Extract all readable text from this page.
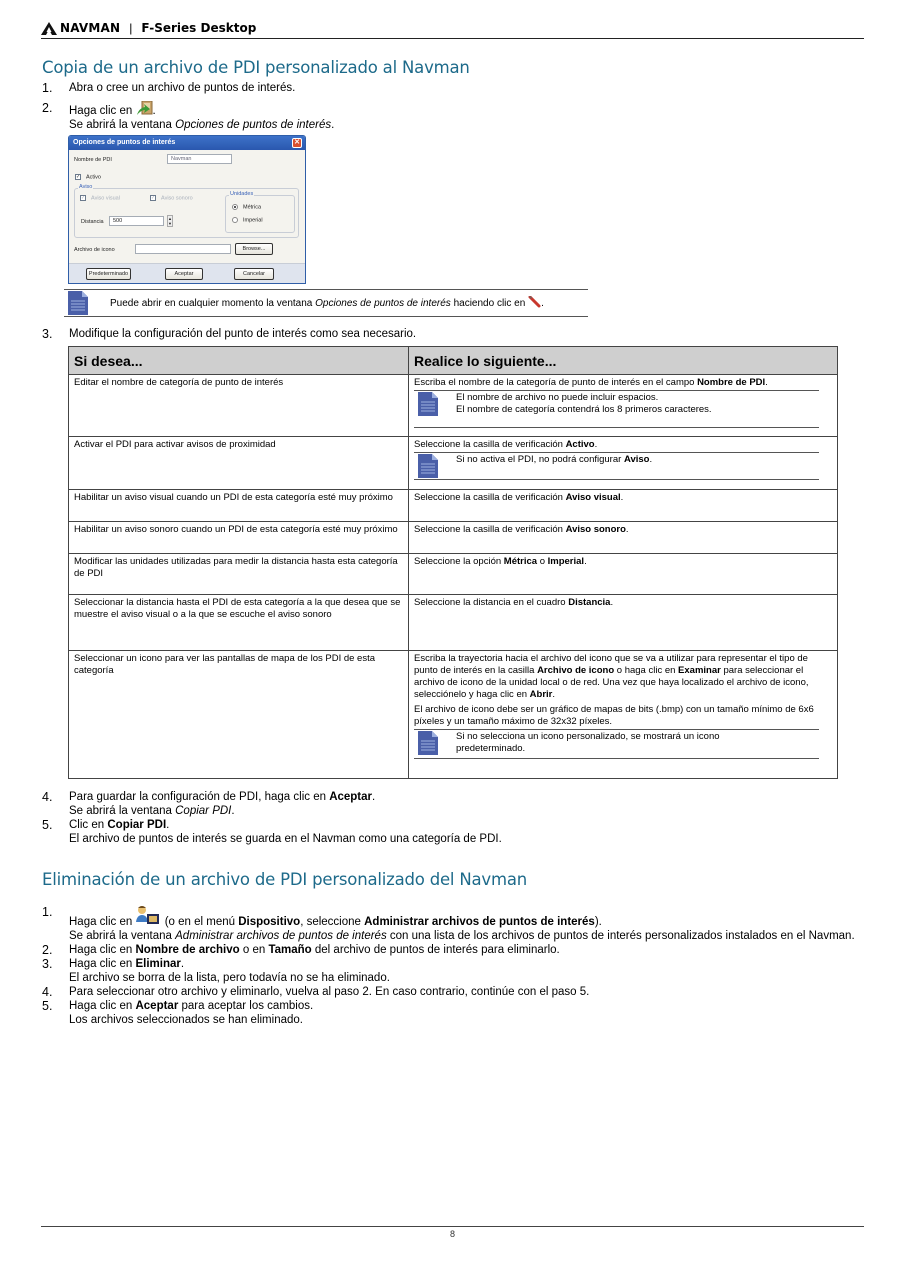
NAVMAN | F-Series Desktop
Copia de un archivo de PDI personalizado al Navman
1.	Abra o cree un archivo de puntos de interés.
2.	Haga clic en .

Se abrirá la ventana Opciones de puntos de interés.

Opciones de puntos de interés	✕
Nombre de PDI	Navman
✓ Activo
Aviso
✓ Aviso visual	✓ Aviso sonoro
Distancia	500	▲
▼
Unidades
Métrica
Imperial
Archivo de icono	Browse...
Predeterminado	Aceptar	Cancelar
Puede abrir en cualquier momento la ventana Opciones de puntos de interés haciendo clic en .
3.	Modifique la configuración del punto de interés como sea necesario.
Si desea...	Realice lo siguiente...
Editar el nombre de categoría de punto de interés	Escriba el nombre de la categoría de punto de interés en el campo Nombre de PDI.
El nombre de archivo no puede incluir espacios.
El nombre de categoría contendrá los 8 primeros caracteres.

Activar el PDI para activar avisos de proximidad	Seleccione la casilla de verificación Activo.
Si no activa el PDI, no podrá configurar Aviso.

Habilitar un aviso visual cuando un PDI de esta categoría esté muy próximo	Seleccione la casilla de verificación Aviso visual.
Habilitar un aviso sonoro cuando un PDI de esta categoría esté muy próximo	Seleccione la casilla de verificación Aviso sonoro.
Modificar las unidades utilizadas para medir la distancia hasta esta categoría de PDI	Seleccione la opción Métrica o Imperial.
Seleccionar la distancia hasta el PDI de esta categoría a la que desea que se muestre el aviso visual o a la que se escuche el aviso sonoro	Seleccione la distancia en el cuadro Distancia.
Seleccionar un icono para ver las pantallas de mapa de los PDI de esta categoría	Escriba la trayectoria hacia el archivo del icono que se va a utilizar para representar el tipo de punto de interés en la casilla Archivo de icono o haga clic en Examinar para seleccionar el archivo de icono de la unidad local o de red. Una vez que haya localizado el archivo de icono, selecciónelo y haga clic en Abrir.

El archivo de icono debe ser un gráfico de mapas de bits (.bmp) con un tamaño mínimo de 6x6 píxeles y un tamaño máximo de 32x32 píxeles.

Si no selecciona un icono personalizado, se mostrará un icono predeterminado.
4.	Para guardar la configuración de PDI, haga clic en Aceptar.

Se abrirá la ventana Copiar PDI.

5.	Clic en Copiar PDI.

El archivo de puntos de interés se guarda en el Navman como una categoría de PDI.

Eliminación de un archivo de PDI personalizado del Navman
1.

Haga clic en	(o en el menú Dispositivo, seleccione Administrar archivos de puntos de interés).

Se abrirá la ventana Administrar archivos de puntos de interés con una lista de los archivos de puntos de interés personalizados instalados en el Navman.

2.	Haga clic en Nombre de archivo o en Tamaño del archivo de puntos de interés para eliminarlo.

3.	Haga clic en Eliminar.

El archivo se borra de la lista, pero todavía no se ha eliminado.

4.	Para seleccionar otro archivo y eliminarlo, vuelva al paso 2. En caso contrario, continúe con el paso 5.

5.	Haga clic en Aceptar para aceptar los cambios.

Los archivos seleccionados se han eliminado.

8
